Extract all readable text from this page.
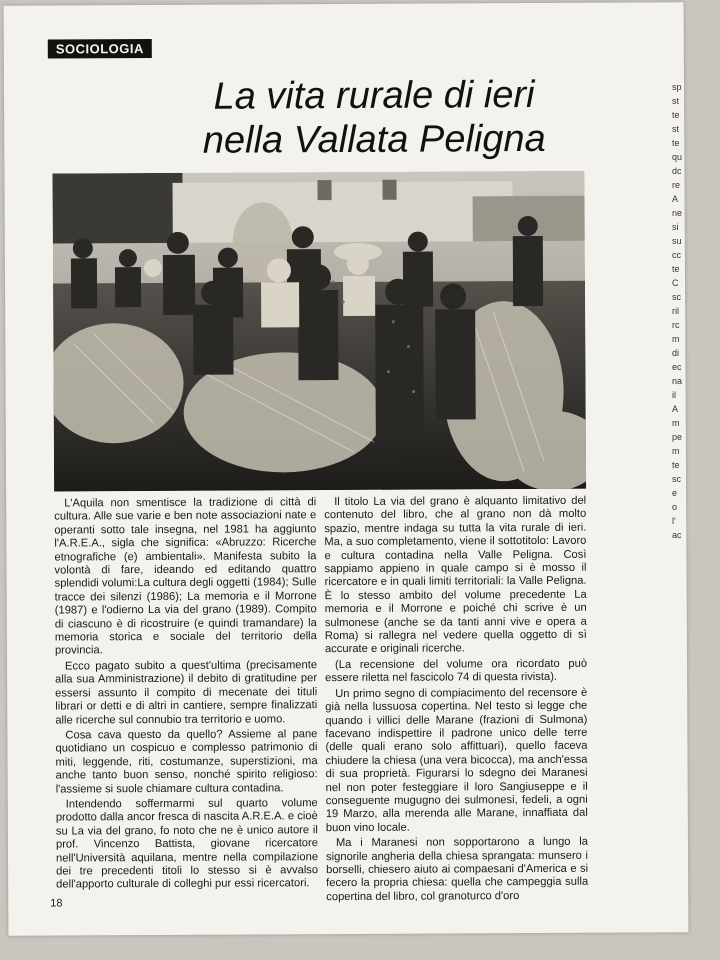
SOCIOLOGIA
La vita rurale di ieri
nella Vallata Peligna

L'Aquila non smentisce la tradizione di città di cultura. Alle sue varie e ben note associazioni nate e operanti sotto tale insegna, nel 1981 ha aggiunto l'A.R.E.A., sigla che significa: «Abruzzo: Ricerche etnografiche (e) ambientali». Manifesta subito la volontà di fare, ideando ed editando quattro splendidi volumi:La cultura degli oggetti (1984); Sulle tracce dei silenzi (1986); La memoria e il Morrone (1987) e l'odierno La via del grano (1989). Compito di ciascuno è di ricostruire (e quindi tramandare) la memoria storica e sociale del territorio della provincia.

Ecco pagato subito a quest'ultima (precisamente alla sua Amministrazione) il debito di gratitudine per essersi assunto il compito di mecenate dei tituli librari or detti e di altri in cantiere, sempre finalizzati alle ricerche sul connubio tra territorio e uomo.

Cosa cava questo da quello? Assieme al pane quotidiano un cospicuo e complesso patrimonio di miti, leggende, riti, costumanze, superstizioni, ma anche tanto buon senso, nonché spirito religioso: l'assieme si suole chiamare cultura contadina.

Intendendo soffermarmi sul quarto volume prodotto dalla ancor fresca di nascita A.R.E.A. e cioè su La via del grano, fo noto che ne è unico autore il prof. Vincenzo Battista, giovane ricercatore nell'Università aquilana, mentre nella compilazione dei tre precedenti titoli lo stesso si è avvalso dell'apporto culturale di colleghi pur essi ricercatori.

Il titolo La via del grano è alquanto limitativo del contenuto del libro, che al grano non dà molto spazio, mentre indaga su tutta la vita rurale di ieri. Ma, a suo completamento, viene il sottotitolo: Lavoro e cultura contadina nella Valle Peligna. Così sappiamo appieno in quale campo si è mosso il ricercatore e in quali limiti territoriali: la Valle Peligna. È lo stesso ambito del volume precedente La memoria e il Morrone e poiché chi scrive è un sulmonese (anche se da tanti anni vive e opera a Roma) si rallegra nel vedere quella oggetto di sì accurate e originali ricerche.

(La recensione del volume ora ricordato può essere riletta nel fascicolo 74 di questa rivista).

Un primo segno di compiacimento del recensore è già nella lussuosa copertina. Nel testo si legge che quando i villici delle Marane (frazioni di Sulmona) facevano indispettire il padrone unico delle terre (delle quali erano solo affittuari), quello faceva chiudere la chiesa (una vera bicocca), ma anch'essa di sua proprietà. Figurarsi lo sdegno dei Maranesi nel non poter festeggiare il loro Sangiuseppe e il conseguente mugugno dei sulmonesi, fedeli, a ogni 19 Marzo, alla merenda alle Marane, innaffiata dal buon vino locale.

Ma i Maranesi non sopportarono a lungo la signorile angheria della chiesa sprangata: munsero i borselli, chiesero aiuto ai compaesani d'America e si fecero la propria chiesa: quella che campeggia sulla copertina del libro, col granoturco d'oro

18
sp
st
te
st
te
qu
dc
re
A
ne
si
su
cc
te
C
sc
ril
rc
m
di
ec
na
il
A
m
pe
m
te
sc
e
o
l'
ac
